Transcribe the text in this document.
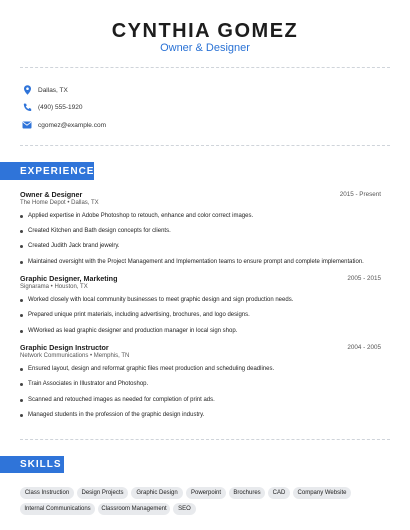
CYNTHIA GOMEZ
Owner & Designer
Dallas, TX
(490) 555-1920
cgomez@example.com
EXPERIENCE
Owner & Designer	2015 - Present
The Home Depot • Dallas, TX
Applied expertise in Adobe Photoshop to retouch, enhance and color correct images.
Created Kitchen and Bath design concepts for clients.
Created Judith Jack brand jewelry.
Maintained oversight with the Project Management and Implementation teams to ensure prompt and complete implementation.
Graphic Designer, Marketing	2005 - 2015
Signarama • Houston, TX
Worked closely with local community businesses to meet graphic design and sign production needs.
Prepared unique print materials, including advertising, brochures, and logo designs.
WWorked as lead graphic designer and production manager in local sign shop.
Graphic Design Instructor	2004 - 2005
Network Communications • Memphis, TN
Ensured layout, design and reformat graphic files meet production and scheduling deadlines.
Train Associates in Illustrator and Photoshop.
Scanned and retouched images as needed for completion of print ads.
Managed students in the profession of the graphic design industry.
SKILLS
Class Instruction	Design Projects	Graphic Design	Powerpoint	Brochures	CAD	Company Website
Internal Communications	Classroom Management	SEO
